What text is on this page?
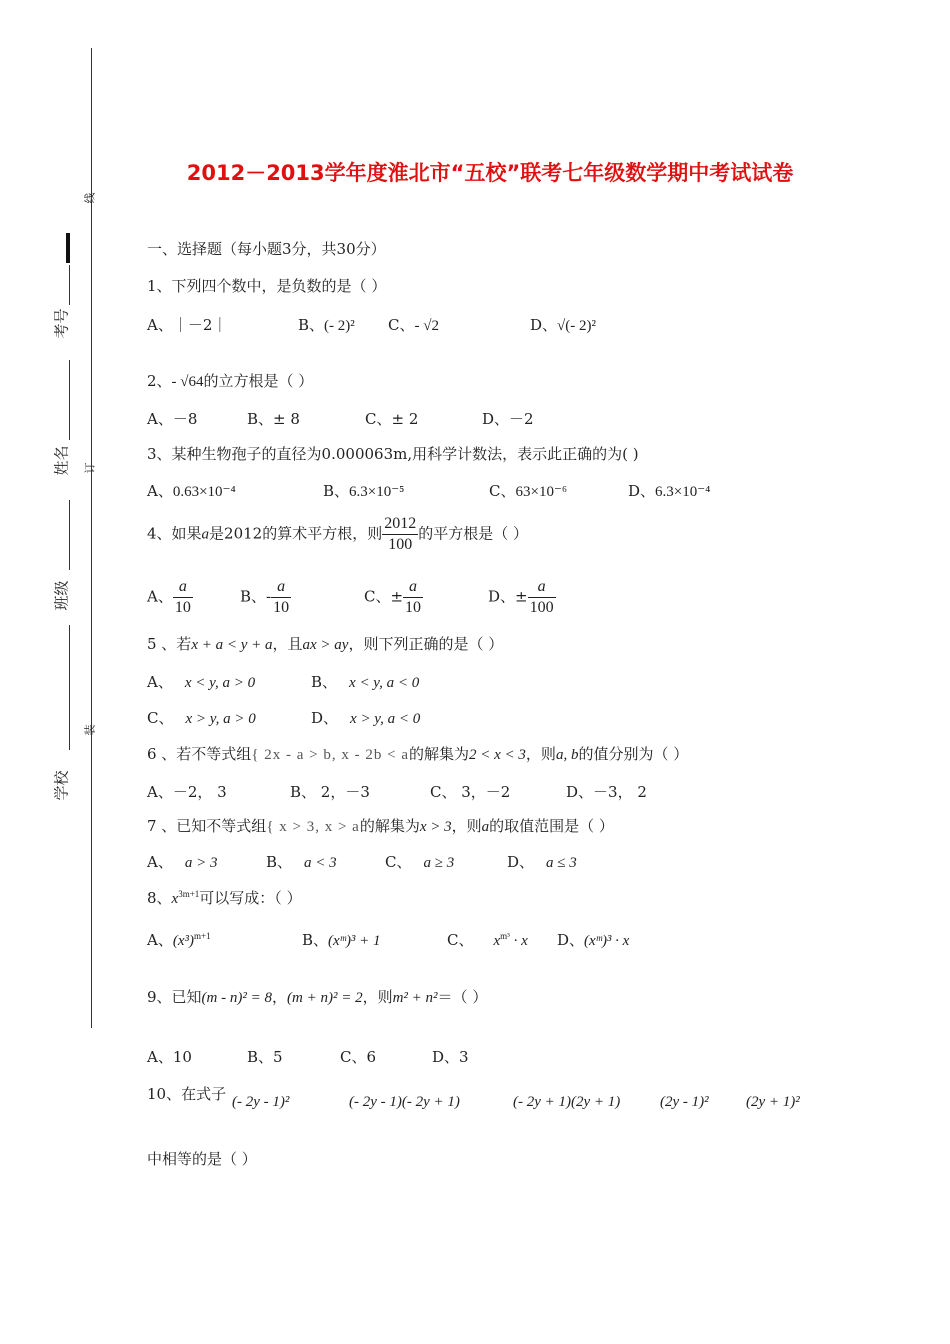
线
订
装
考号
姓名
班级
学校
2012－2013学年度淮北市“五校”联考七年级数学期中考试试卷
一、选择题（每小题3分，共30分）
1、下列四个数中，是负数的是（ ）
A、｜－2｜	B、(- 2)² C、- √2	D、√(- 2)²
2、- √64的立方根是（ ）
A、－8	B、± 8	C、± 2	D、－2
3、某种生物孢子的直径为0.000063m,用科学计数法，表示此正确的为( )
A、0.63×10⁻⁴	B、6.3×10⁻⁵	C、63×10⁻⁶	D、6.3×10⁻⁴
4、如果a是2012的算术平方根，则 $\frac{2012}{100}$ 的平方根是（ ）
A、 $\frac{a}{10}$	B、- $\frac{a}{10}$	C、± $\frac{a}{10}$	D、± $\frac{a}{100}$
5 、若x + a < y + a，且ax > ay，则下列正确的是（ ）
A、 x < y, a > 0	B、 x < y, a < 0
C、 x > y, a > 0	D、 x > y, a < 0
6 、若不等式组{ 2x - a > b, x - 2b < a的解集为2 < x < 3，则a, b的值分别为（ ）
A、－2， 3	B、 2，－3	C、 3，－2	D、－3， 2
7 、已知不等式组{ x > 3, x > a的解集为x > 3，则a的取值范围是（ ）
A、 a > 3	B、 a < 3	C、 a ≥ 3	D、 a ≤ 3
8、$x^{3m+1}$可以写成：（ ）
A、$(x^3)^{m+1}$	B、(xᵐ)³ + 1	C、 $x^{m^3} \cdot x$ D、(xᵐ)³ · x
9、已知(m - n)² = 8，(m + n)² = 2，则m² + n²＝（ ）
A、10	B、5	C、6	D、3
10、在式子 (- 2y - 1)²	(- 2y - 1)(- 2y + 1)	(- 2y + 1)(2y + 1)	(2y - 1)² (2y + 1)²
中相等的是（ ）
